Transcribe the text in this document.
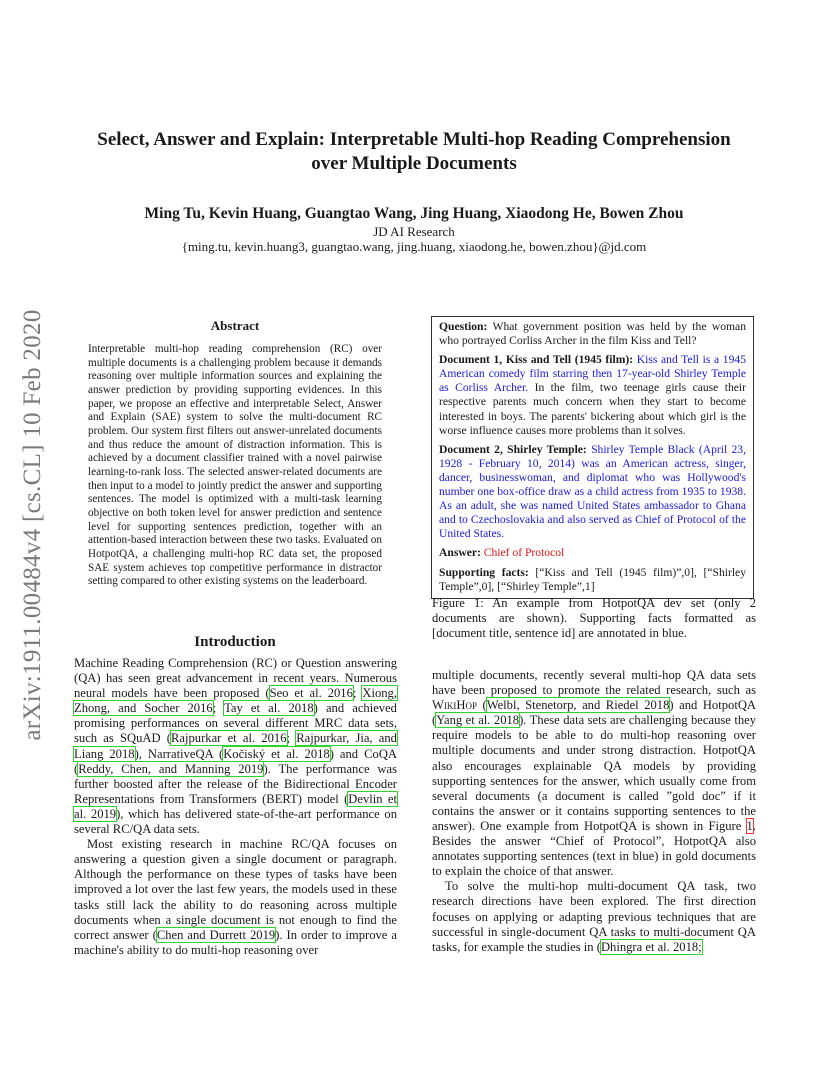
arXiv:1911.00484v4 [cs.CL] 10 Feb 2020
Select, Answer and Explain: Interpretable Multi-hop Reading Comprehension
over Multiple Documents
Ming Tu, Kevin Huang, Guangtao Wang, Jing Huang, Xiaodong He, Bowen Zhou
JD AI Research
{ming.tu, kevin.huang3, guangtao.wang, jing.huang, xiaodong.he, bowen.zhou}@jd.com
Abstract
Interpretable multi-hop reading comprehension (RC) over multiple documents is a challenging problem because it demands reasoning over multiple information sources and explaining the answer prediction by providing supporting evidences. In this paper, we propose an effective and interpretable Select, Answer and Explain (SAE) system to solve the multi-document RC problem. Our system first filters out answer-unrelated documents and thus reduce the amount of distraction information. This is achieved by a document classifier trained with a novel pairwise learning-to-rank loss. The selected answer-related documents are then input to a model to jointly predict the answer and supporting sentences. The model is optimized with a multi-task learning objective on both token level for answer prediction and sentence level for supporting sentences prediction, together with an attention-based interaction between these two tasks. Evaluated on HotpotQA, a challenging multi-hop RC data set, the proposed SAE system achieves top competitive performance in distractor setting compared to other existing systems on the leaderboard.

Question: What government position was held by the woman who portrayed Corliss Archer in the film Kiss and Tell?

Document 1, Kiss and Tell (1945 film): Kiss and Tell is a 1945 American comedy film starring then 17-year-old Shirley Temple as Corliss Archer. In the film, two teenage girls cause their respective parents much concern when they start to become interested in boys. The parents' bickering about which girl is the worse influence causes more problems than it solves.

Document 2, Shirley Temple: Shirley Temple Black (April 23, 1928 - February 10, 2014) was an American actress, singer, dancer, businesswoman, and diplomat who was Hollywood's number one box-office draw as a child actress from 1935 to 1938. As an adult, she was named United States ambassador to Ghana and to Czechoslovakia and also served as Chief of Protocol of the United States.

Answer: Chief of Protocol

Supporting facts: [“Kiss and Tell (1945 film)”,0], [“Shirley Temple”,0], [“Shirley Temple”,1]

Figure 1: An example from HotpotQA dev set (only 2 documents are shown). Supporting facts formatted as [document title, sentence id] are annotated in blue.
Introduction

Machine Reading Comprehension (RC) or Question answering (QA) has seen great advancement in recent years. Numerous neural models have been proposed (Seo et al. 2016; Xiong, Zhong, and Socher 2016; Tay et al. 2018) and achieved promising performances on several different MRC data sets, such as SQuAD (Rajpurkar et al. 2016; Rajpurkar, Jia, and Liang 2018), NarrativeQA (Kočiský et al. 2018) and CoQA (Reddy, Chen, and Manning 2019). The performance was further boosted after the release of the Bidirectional Encoder Representations from Transformers (BERT) model (Devlin et al. 2019), which has delivered state-of-the-art performance on several RC/QA data sets.

Most existing research in machine RC/QA focuses on answering a question given a single document or paragraph. Although the performance on these types of tasks have been improved a lot over the last few years, the models used in these tasks still lack the ability to do reasoning across multiple documents when a single document is not enough to find the correct answer (Chen and Durrett 2019). In order to improve a machine's ability to do multi-hop reasoning over

multiple documents, recently several multi-hop QA data sets have been proposed to promote the related research, such as WikiHop (Welbl, Stenetorp, and Riedel 2018) and HotpotQA (Yang et al. 2018). These data sets are challenging because they require models to be able to do multi-hop reasoning over multiple documents and under strong distraction. HotpotQA also encourages explainable QA models by providing supporting sentences for the answer, which usually come from several documents (a document is called ”gold doc” if it contains the answer or it contains supporting sentences to the answer). One example from HotpotQA is shown in Figure 1. Besides the answer “Chief of Protocol”, HotpotQA also annotates supporting sentences (text in blue) in gold documents to explain the choice of that answer.

To solve the multi-hop multi-document QA task, two research directions have been explored. The first direction focuses on applying or adapting previous techniques that are successful in single-document QA tasks to multi-document QA tasks, for example the studies in (Dhingra et al. 2018;
